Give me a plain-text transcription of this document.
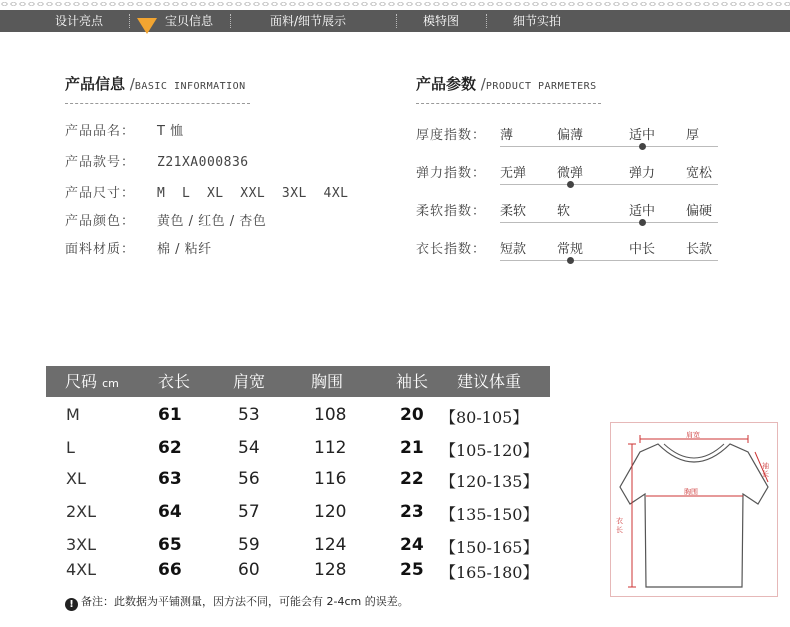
设计亮点	宝贝信息	面料/细节展示	模特图	细节实拍
产品信息 /BASIC INFORMATION
产品品名： T 恤
产品款号： Z21XA000836
产品尺寸： M  L  XL  XXL  3XL  4XL
产品颜色： 黄色 / 红色 / 杏色
面料材质： 棉 / 粘纤
产品参数 /PRODUCT PARMETERS
厚度指数： 薄	偏薄	适中 厚
弹力指数： 无弹 微弹	弹力 宽松
柔软指数： 柔软 软	适中 偏硬
衣长指数： 短款 常规	中长 长款
尺码 cm 衣长	肩宽	胸围	袖长 建议体重
M	61	53	108	20 【80-105】
L	62	54	112	21 【105-120】
XL	63	56	116	22 【120-135】
2XL	64	57	120	23 【135-150】
3XL	65	59	124	24 【150-165】
4XL	66	60	128	25 【165-180】
! 备注：此数据为平铺测量，因方法不同，可能会有 2-4cm 的误差。
肩宽
胸围
袖长
衣长
